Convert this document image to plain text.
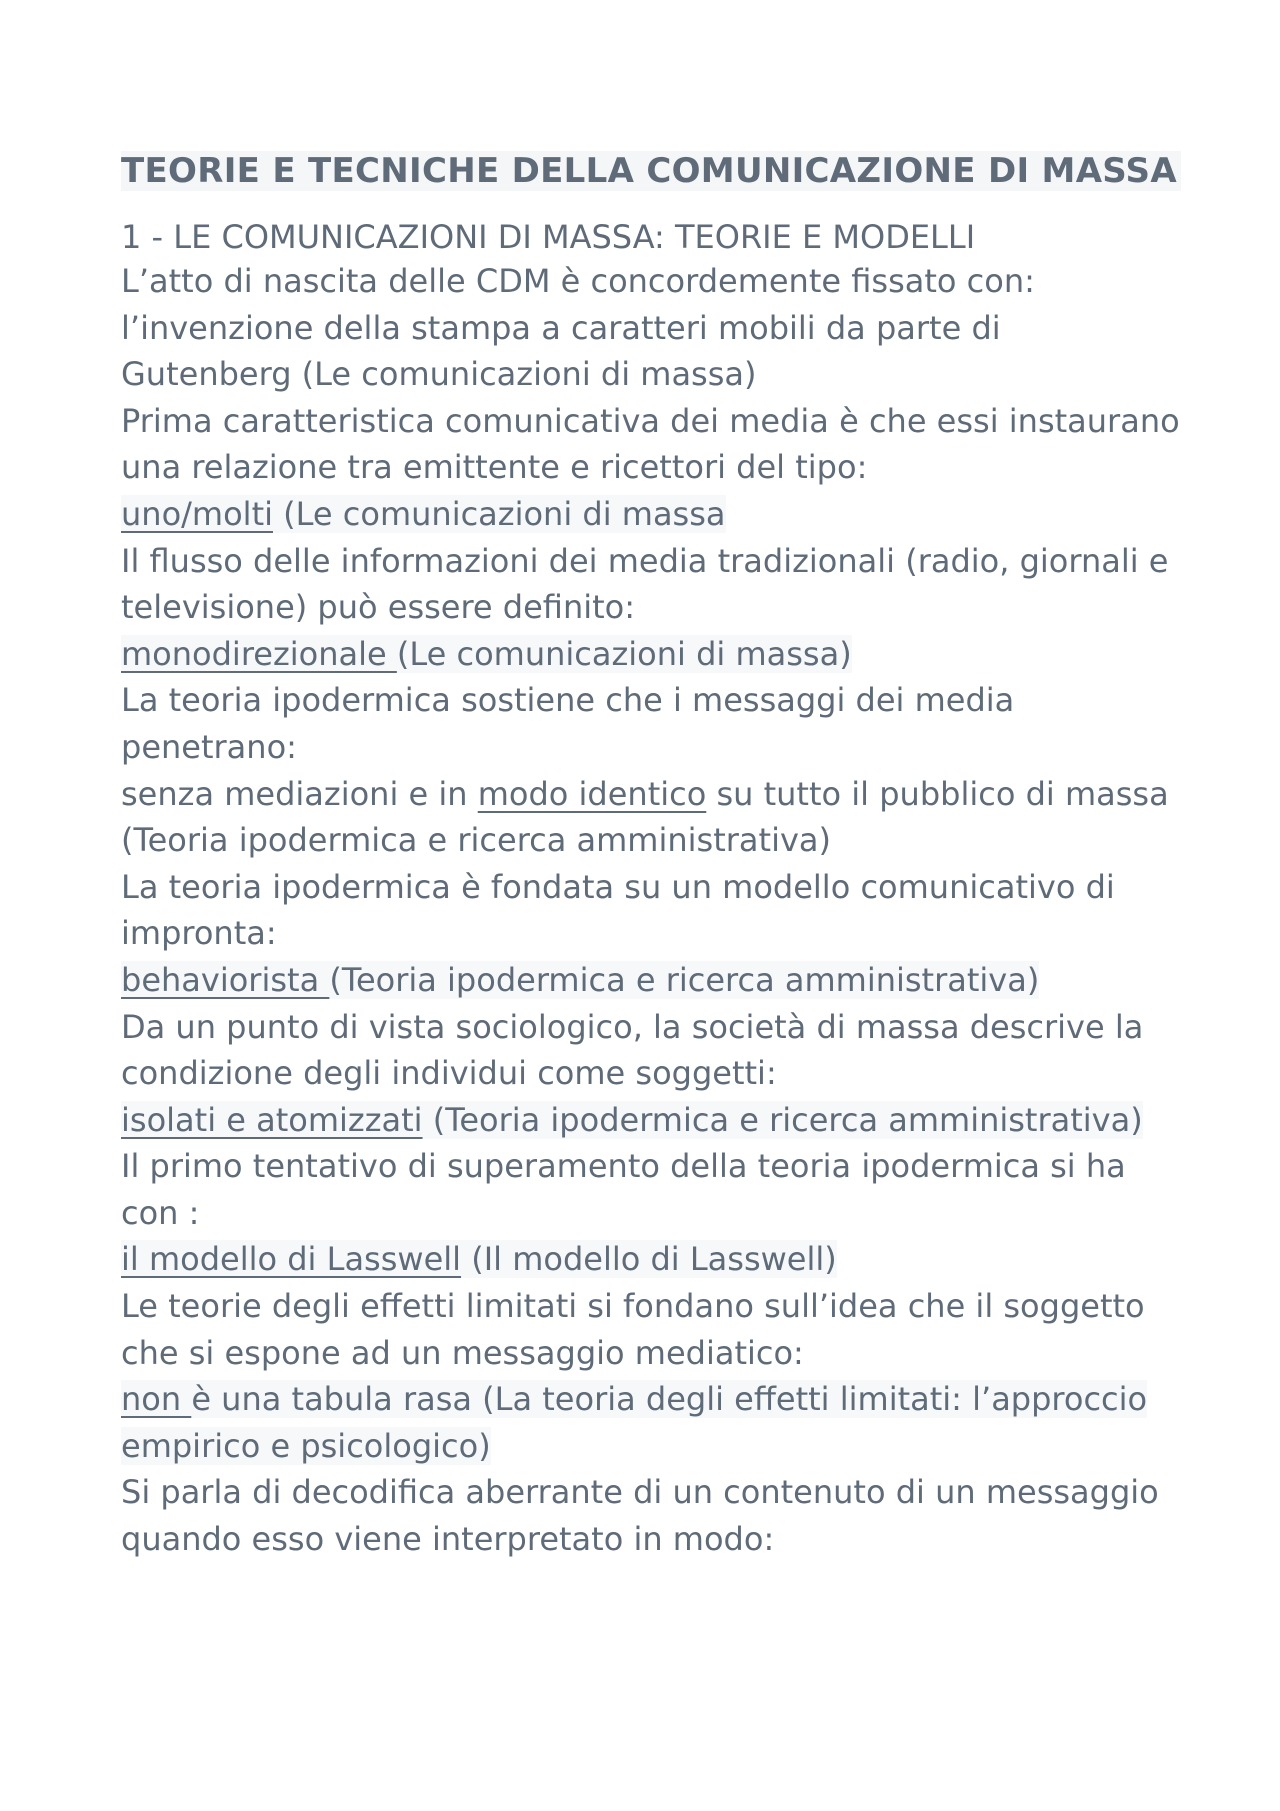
TEORIE E TECNICHE DELLA COMUNICAZIONE DI MASSA
1 - LE COMUNICAZIONI DI MASSA: TEORIE E MODELLI

L’atto di nascita delle CDM è concordemente fissato con:

l’invenzione della stampa a caratteri mobili da parte di Gutenberg (Le comunicazioni di massa)

Prima caratteristica comunicativa dei media è che essi instaurano una relazione tra emittente e ricettori del tipo:

uno/molti (Le comunicazioni di massa

Il flusso delle informazioni dei media tradizionali (radio, giornali e televisione) può essere definito:

monodirezionale (Le comunicazioni di massa)

La teoria ipodermica sostiene che i messaggi dei media penetrano:

senza mediazioni e in modo identico su tutto il pubblico di massa (Teoria ipodermica e ricerca amministrativa)

La teoria ipodermica è fondata su un modello comunicativo di impronta:

behaviorista (Teoria ipodermica e ricerca amministrativa)

Da un punto di vista sociologico, la società di massa descrive la condizione degli individui come soggetti:

isolati e atomizzati (Teoria ipodermica e ricerca amministrativa)

Il primo tentativo di superamento della teoria ipodermica si ha con :

il modello di Lasswell (Il modello di Lasswell)

Le teorie degli effetti limitati si fondano sull’idea che il soggetto che si espone ad un messaggio mediatico:

non è una tabula rasa (La teoria degli effetti limitati: l’approccio empirico e psicologico)

Si parla di decodifica aberrante di un contenuto di un messaggio quando esso viene interpretato in modo:
